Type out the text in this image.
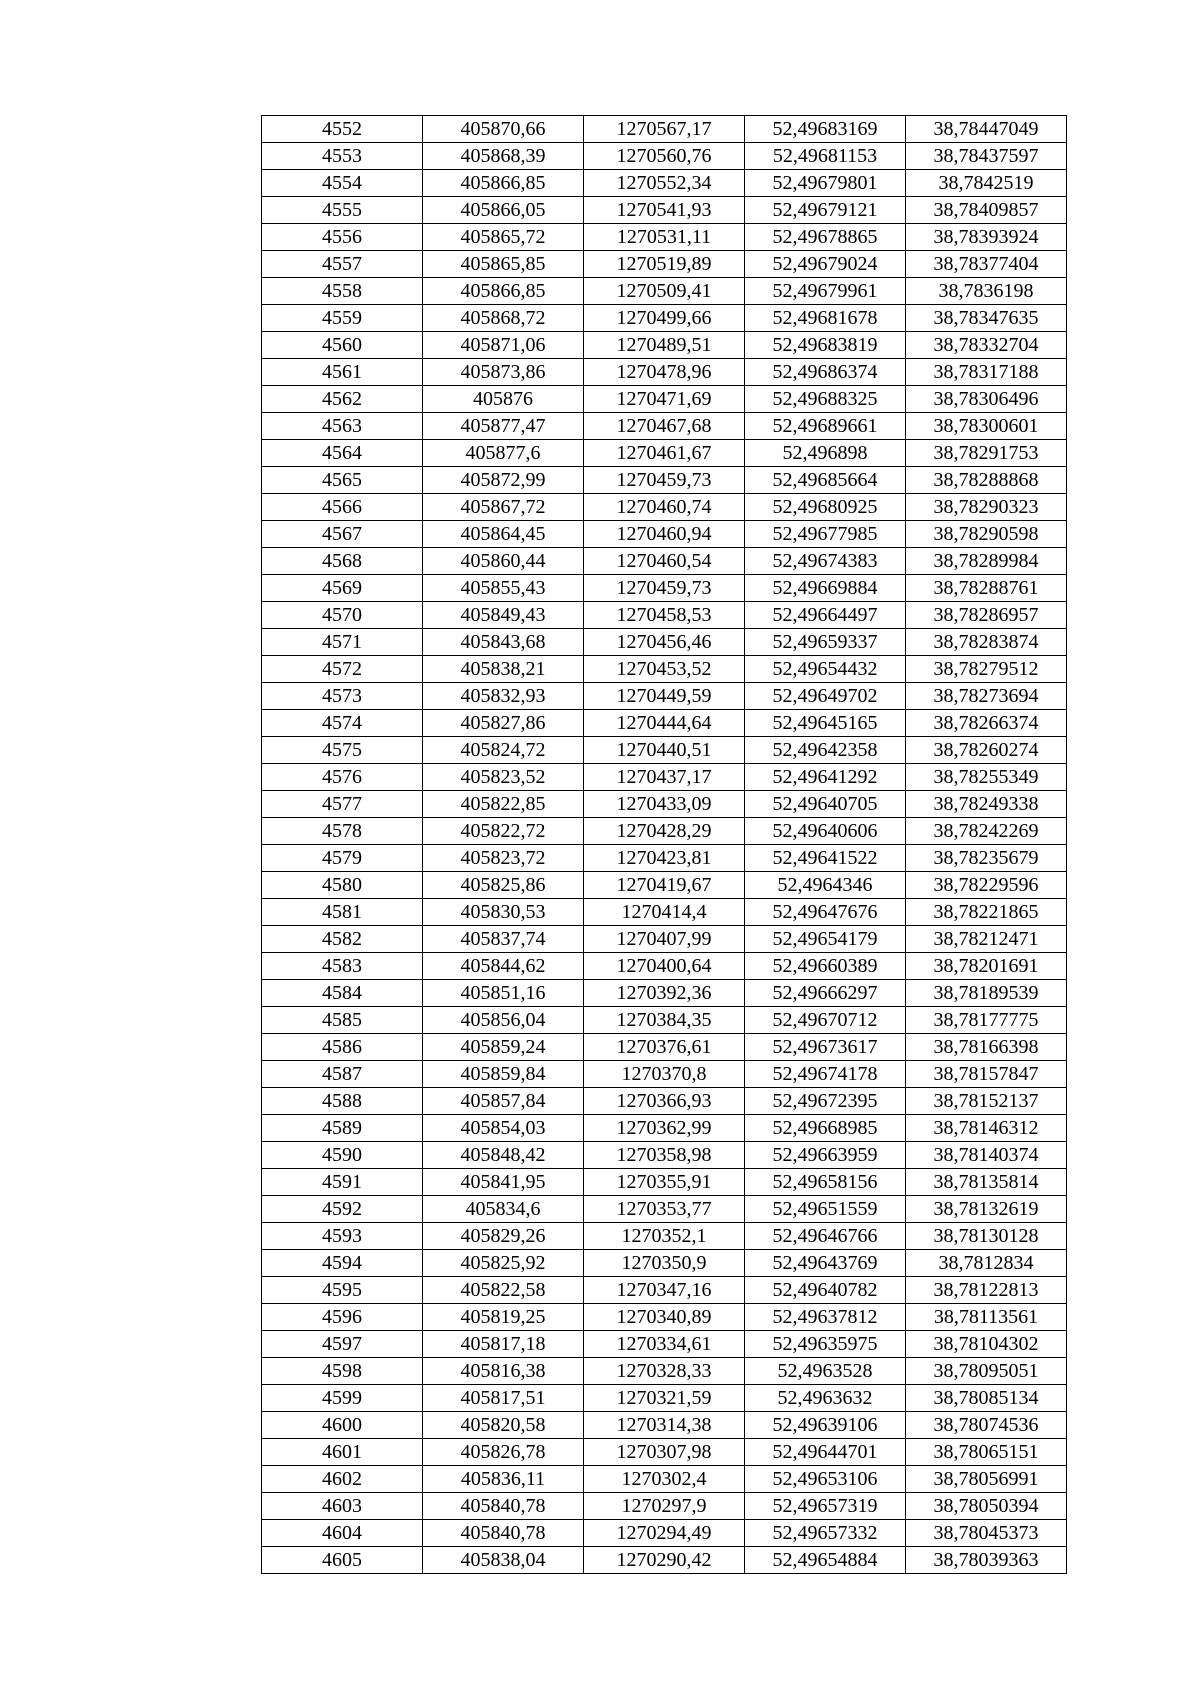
4552	405870,66	1270567,17	52,49683169	38,78447049
4553	405868,39	1270560,76	52,49681153	38,78437597
4554	405866,85	1270552,34	52,49679801	38,7842519
4555	405866,05	1270541,93	52,49679121	38,78409857
4556	405865,72	1270531,11	52,49678865	38,78393924
4557	405865,85	1270519,89	52,49679024	38,78377404
4558	405866,85	1270509,41	52,49679961	38,7836198
4559	405868,72	1270499,66	52,49681678	38,78347635
4560	405871,06	1270489,51	52,49683819	38,78332704
4561	405873,86	1270478,96	52,49686374	38,78317188
4562	405876	1270471,69	52,49688325	38,78306496
4563	405877,47	1270467,68	52,49689661	38,78300601
4564	405877,6	1270461,67	52,496898	38,78291753
4565	405872,99	1270459,73	52,49685664	38,78288868
4566	405867,72	1270460,74	52,49680925	38,78290323
4567	405864,45	1270460,94	52,49677985	38,78290598
4568	405860,44	1270460,54	52,49674383	38,78289984
4569	405855,43	1270459,73	52,49669884	38,78288761
4570	405849,43	1270458,53	52,49664497	38,78286957
4571	405843,68	1270456,46	52,49659337	38,78283874
4572	405838,21	1270453,52	52,49654432	38,78279512
4573	405832,93	1270449,59	52,49649702	38,78273694
4574	405827,86	1270444,64	52,49645165	38,78266374
4575	405824,72	1270440,51	52,49642358	38,78260274
4576	405823,52	1270437,17	52,49641292	38,78255349
4577	405822,85	1270433,09	52,49640705	38,78249338
4578	405822,72	1270428,29	52,49640606	38,78242269
4579	405823,72	1270423,81	52,49641522	38,78235679
4580	405825,86	1270419,67	52,4964346	38,78229596
4581	405830,53	1270414,4	52,49647676	38,78221865
4582	405837,74	1270407,99	52,49654179	38,78212471
4583	405844,62	1270400,64	52,49660389	38,78201691
4584	405851,16	1270392,36	52,49666297	38,78189539
4585	405856,04	1270384,35	52,49670712	38,78177775
4586	405859,24	1270376,61	52,49673617	38,78166398
4587	405859,84	1270370,8	52,49674178	38,78157847
4588	405857,84	1270366,93	52,49672395	38,78152137
4589	405854,03	1270362,99	52,49668985	38,78146312
4590	405848,42	1270358,98	52,49663959	38,78140374
4591	405841,95	1270355,91	52,49658156	38,78135814
4592	405834,6	1270353,77	52,49651559	38,78132619
4593	405829,26	1270352,1	52,49646766	38,78130128
4594	405825,92	1270350,9	52,49643769	38,7812834
4595	405822,58	1270347,16	52,49640782	38,78122813
4596	405819,25	1270340,89	52,49637812	38,78113561
4597	405817,18	1270334,61	52,49635975	38,78104302
4598	405816,38	1270328,33	52,4963528	38,78095051
4599	405817,51	1270321,59	52,4963632	38,78085134
4600	405820,58	1270314,38	52,49639106	38,78074536
4601	405826,78	1270307,98	52,49644701	38,78065151
4602	405836,11	1270302,4	52,49653106	38,78056991
4603	405840,78	1270297,9	52,49657319	38,78050394
4604	405840,78	1270294,49	52,49657332	38,78045373
4605	405838,04	1270290,42	52,49654884	38,78039363
